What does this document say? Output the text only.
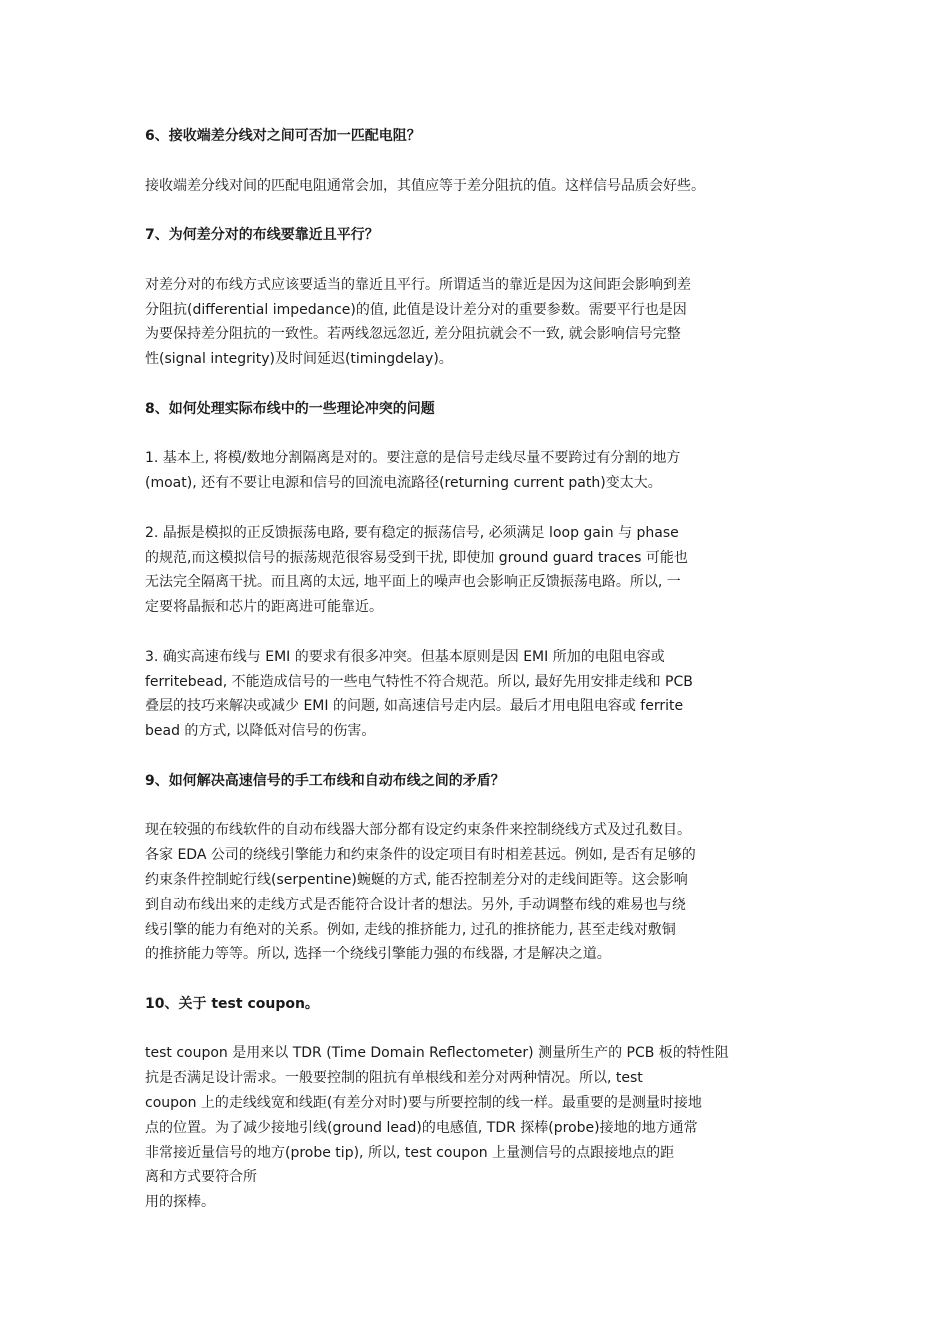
6、接收端差分线对之间可否加一匹配电阻？

接收端差分线对间的匹配电阻通常会加，其值应等于差分阻抗的值。这样信号品质会好些。

7、为何差分对的布线要靠近且平行？

对差分对的布线方式应该要适当的靠近且平行。所谓适当的靠近是因为这间距会影响到差
分阻抗(differential impedance)的值, 此值是设计差分对的重要参数。需要平行也是因
为要保持差分阻抗的一致性。若两线忽远忽近, 差分阻抗就会不一致, 就会影响信号完整
性(signal integrity)及时间延迟(timingdelay)。

8、如何处理实际布线中的一些理论冲突的问题

1. 基本上, 将模/数地分割隔离是对的。要注意的是信号走线尽量不要跨过有分割的地方
(moat), 还有不要让电源和信号的回流电流路径(returning current path)变太大。
2. 晶振是模拟的正反馈振荡电路, 要有稳定的振荡信号, 必须满足 loop gain 与 phase
的规范,而这模拟信号的振荡规范很容易受到干扰, 即使加 ground guard traces 可能也
无法完全隔离干扰。而且离的太远, 地平面上的噪声也会影响正反馈振荡电路。所以, 一
定要将晶振和芯片的距离进可能靠近。
3. 确实高速布线与 EMI 的要求有很多冲突。但基本原则是因 EMI 所加的电阻电容或
ferritebead, 不能造成信号的一些电气特性不符合规范。所以, 最好先用安排走线和 PCB
叠层的技巧来解决或减少 EMI 的问题, 如高速信号走内层。最后才用电阻电容或 ferrite
bead 的方式, 以降低对信号的伤害。

9、如何解决高速信号的手工布线和自动布线之间的矛盾？

现在较强的布线软件的自动布线器大部分都有设定约束条件来控制绕线方式及过孔数目。
各家 EDA 公司的绕线引擎能力和约束条件的设定项目有时相差甚远。例如, 是否有足够的
约束条件控制蛇行线(serpentine)蜿蜒的方式, 能否控制差分对的走线间距等。这会影响
到自动布线出来的走线方式是否能符合设计者的想法。另外, 手动调整布线的难易也与绕
线引擎的能力有绝对的关系。例如, 走线的推挤能力, 过孔的推挤能力, 甚至走线对敷铜
的推挤能力等等。所以, 选择一个绕线引擎能力强的布线器, 才是解决之道。

10、关于 test coupon。

test coupon 是用来以 TDR (Time Domain Reflectometer) 测量所生产的 PCB 板的特性阻
抗是否满足设计需求。一般要控制的阻抗有单根线和差分对两种情况。所以, test
coupon 上的走线线宽和线距(有差分对时)要与所要控制的线一样。最重要的是测量时接地
点的位置。为了减少接地引线(ground lead)的电感值, TDR 探棒(probe)接地的地方通常
非常接近量信号的地方(probe tip), 所以, test coupon 上量测信号的点跟接地点的距
离和方式要符合所
用的探棒。
